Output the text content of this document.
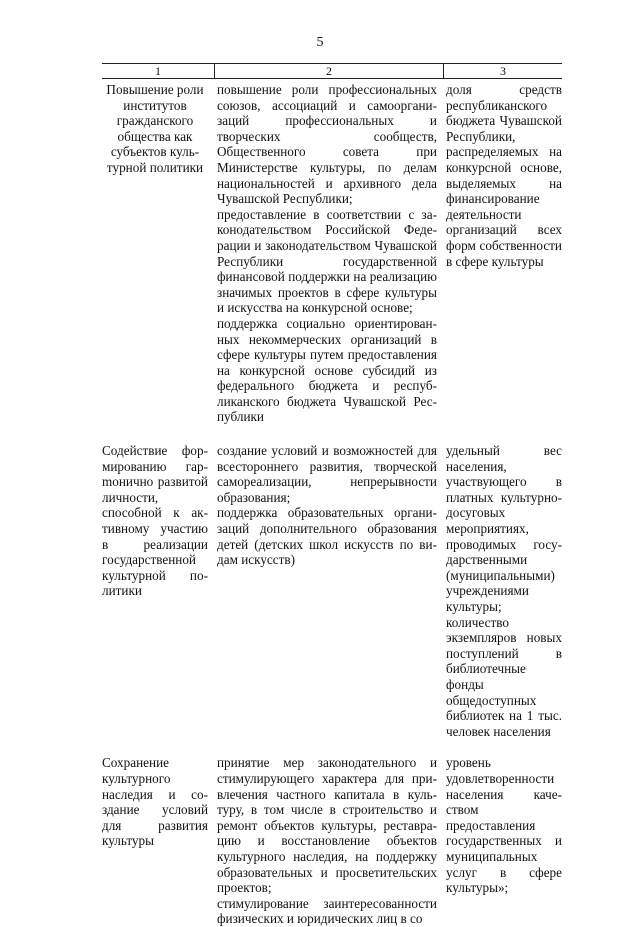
5
1	2	3
Повышение роли институтов гражданского общества как субъектов культурной политики
повышение роли профессиональных союзов, ассоциаций и самоорганизаций профессиональных и творческих сообществ, Общественного совета при Министерстве культуры, по делам национальностей и архивного дела Чувашской Республики;
предоставление в соответствии с законодательством Российской Федерации и законодательством Чувашской Республики государственной финансовой поддержки на реализацию значимых проектов в сфере культуры и искусства на конкурсной основе;
поддержка социально ориентированных некоммерческих организаций в сфере культуры путем предоставления на конкурсной основе субсидий из федерального бюджета и республиканского бюджета Чувашской Республики
доля средств республиканского бюджета Чувашской Республики, распределяемых на конкурсной основе, выделяемых на финансирование деятельности организаций всех форм собственности в сфере культуры
Содействие формированию гарmонично развитой личности, способной к активному участию в реализации государственной культурной политики
создание условий и возможностей для всестороннего развития, творческой самореализации, непрерывности образования;
поддержка образовательных организаций дополнительного образования детей (детских школ искусств по видам искусств)
удельный вес населения, участвующего в платных культурно-досуговых мероприятиях, проводимых государственными (муниципальными) учреждениями культуры;
количество экземпляров новых поступлений в библиотечные фонды общедоступных библиотек на 1 тыс. человек населения
Сохранение культурного наследия и создание условий для развития культуры
принятие мер законодательного и стимулирующего характера для привлечения частного капитала в культуру, в том числе в строительство и ремонт объектов культуры, реставрацию и восстановление объектов культурного наследия, на поддержку образовательных и просветительских проектов;
стимулирование заинтересованности физических и юридических лиц в со
уровень удовлетворенности населения качеством предоставления государственных и муниципальных услуг в сфере культуры»;
